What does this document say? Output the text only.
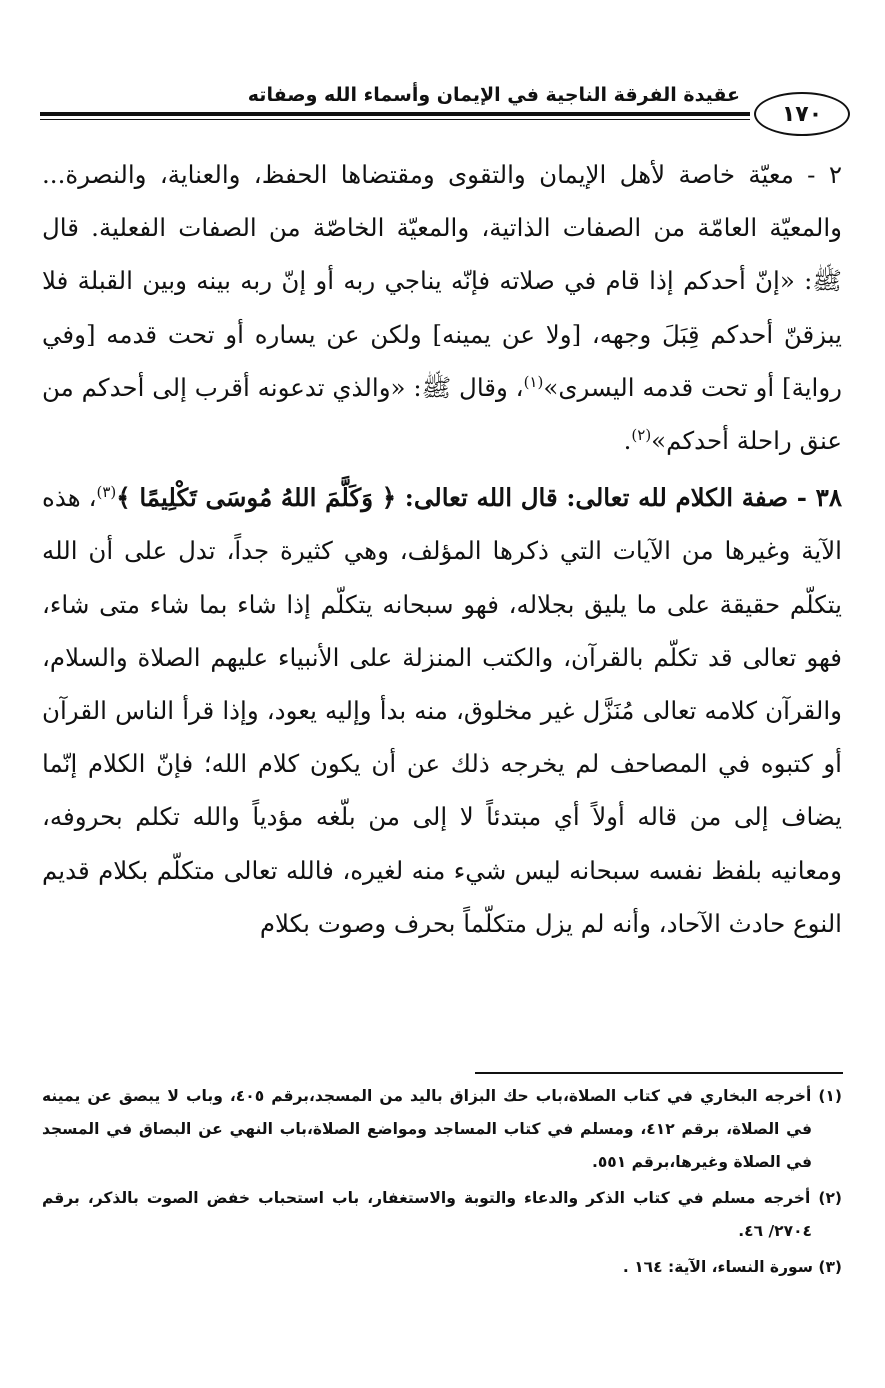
عقيدة الفرقة الناجية في الإيمان وأسماء الله وصفاته
١٧٠

٢ - معيّة خاصة لأهل الإيمان والتقوى ومقتضاها الحفظ، والعناية، والنصرة... والمعيّة العامّة من الصفات الذاتية، والمعيّة الخاصّة من الصفات الفعلية. قال ﷺ: «إنّ أحدكم إذا قام في صلاته فإنّه يناجي ربه أو إنّ ربه بينه وبين القبلة فلا يبزقنّ أحدكم قِبَلَ وجهه، [ولا عن يمينه] ولكن عن يساره أو تحت قدمه [وفي رواية] أو تحت قدمه اليسرى»$^{(١)}$، وقال ﷺ: «والذي تدعونه أقرب إلى أحدكم من عنق راحلة أحدكم»$^{(٢)}$.

٣٨ - صفة الكلام لله تعالى: قال الله تعالى: ﴿ وَكَلَّمَ اللهُ مُوسَى تَكْلِيمًا ﴾$^{(٣)}$، هذه الآية وغيرها من الآيات التي ذكرها المؤلف، وهي كثيرة جداً، تدل على أن الله يتكلّم حقيقة على ما يليق بجلاله، فهو سبحانه يتكلّم إذا شاء بما شاء متى شاء، فهو تعالى قد تكلّم بالقرآن، والكتب المنزلة على الأنبياء عليهم الصلاة والسلام، والقرآن كلامه تعالى مُنَزَّل غير مخلوق، منه بدأ وإليه يعود، وإذا قرأ الناس القرآن أو كتبوه في المصاحف لم يخرجه ذلك عن أن يكون كلام الله؛ فإنّ الكلام إنّما يضاف إلى من قاله أولاً أي مبتدئاً لا إلى من بلّغه مؤدياً والله تكلم بحروفه، ومعانيه بلفظ نفسه سبحانه ليس شيء منه لغيره، فالله تعالى متكلّم بكلام قديم النوع حادث الآحاد، وأنه لم يزل متكلّماً بحرف وصوت بكلام

(١) أخرجه البخاري في كتاب الصلاة،باب حك البزاق باليد من المسجد،برقم ٤٠٥، وباب لا يبصق عن يمينه في الصلاة، برقم ٤١٢، ومسلم في كتاب المساجد ومواضع الصلاة،باب النهي عن البصاق في المسجد في الصلاة وغيرها،برقم ٥٥١.

(٢) أخرجه مسلم في كتاب الذكر والدعاء والتوبة والاستغفار، باب استحباب خفض الصوت بالذكر، برقم ٢٧٠٤/ ٤٦.

(٣) سورة النساء، الآية: ١٦٤ .
